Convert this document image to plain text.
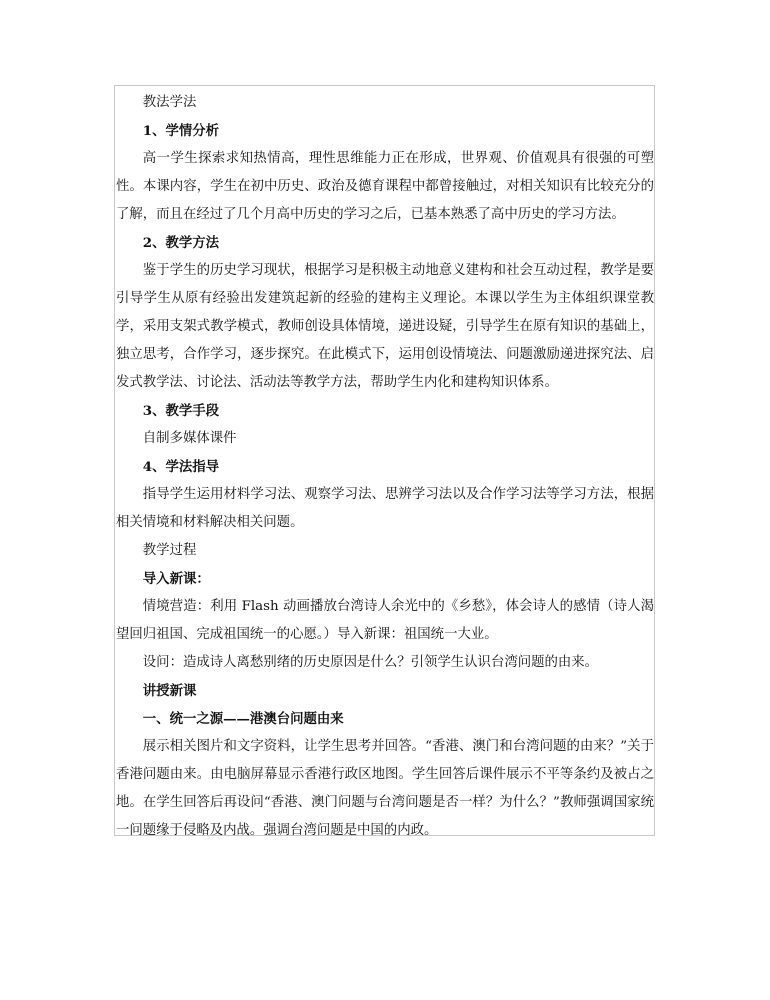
教法学法

1、学情分析

高一学生探索求知热情高，理性思维能力正在形成，世界观、价值观具有很强的可塑性。本课内容，学生在初中历史、政治及德育课程中都曾接触过，对相关知识有比较充分的了解，而且在经过了几个月高中历史的学习之后，已基本熟悉了高中历史的学习方法。

2、教学方法

鉴于学生的历史学习现状，根据学习是积极主动地意义建构和社会互动过程，教学是要引导学生从原有经验出发建筑起新的经验的建构主义理论。本课以学生为主体组织课堂教学，采用支架式教学模式，教师创设具体情境，递进设疑，引导学生在原有知识的基础上，独立思考，合作学习，逐步探究。在此模式下，运用创设情境法、问题激励递进探究法、启发式教学法、讨论法、活动法等教学方法，帮助学生内化和建构知识体系。

3、教学手段

自制多媒体课件

4、学法指导

指导学生运用材料学习法、观察学习法、思辨学习法以及合作学习法等学习方法，根据相关情境和材料解决相关问题。

教学过程

导入新课：

情境营造：利用 Flash 动画播放台湾诗人余光中的《乡愁》，体会诗人的感情（诗人渴望回归祖国、完成祖国统一的心愿。）导入新课：祖国统一大业。

设问：造成诗人离愁别绪的历史原因是什么？引领学生认识台湾问题的由来。

讲授新课

一、统一之源——港澳台问题由来

展示相关图片和文字资料，让学生思考并回答。“香港、澳门和台湾问题的由来？”关于香港问题由来。由电脑屏幕显示香港行政区地图。学生回答后课件展示不平等条约及被占之地。在学生回答后再设问“香港、澳门问题与台湾问题是否一样？为什么？”教师强调国家统一问题缘于侵略及内战。强调台湾问题是中国的内政。
